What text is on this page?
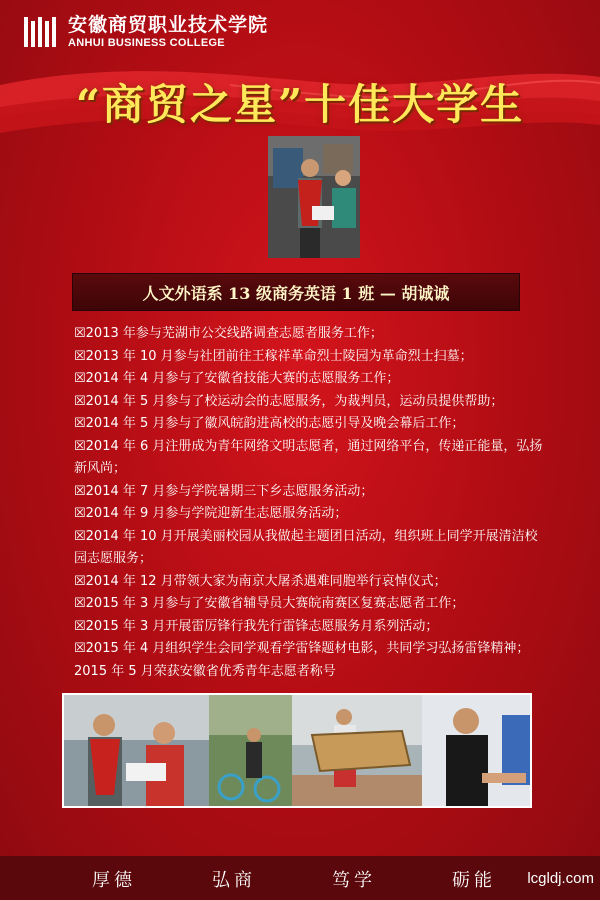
安徽商贸职业技术学院
ANHUI BUSINESS COLLEGE
“商贸之星”十佳大学生
人文外语系 13 级商务英语 1 班 — 胡诚诚
☒2013 年参与芜湖市公交线路调查志愿者服务工作；
☒2013 年 10 月参与社团前往王稼祥革命烈士陵园为革命烈士扫墓；
☒2014 年 4 月参与了安徽省技能大赛的志愿服务工作；
☒2014 年 5 月参与了校运动会的志愿服务，为裁判员，运动员提供帮助；
☒2014 年 5 月参与了徽风皖韵进高校的志愿引导及晚会幕后工作；
☒2014 年 6 月注册成为青年网络文明志愿者，通过网络平台，传递正能量，弘扬新风尚；
☒2014 年 7 月参与学院暑期三下乡志愿服务活动；
☒2014 年 9 月参与学院迎新生志愿服务活动；
☒2014 年 10 月开展美丽校园从我做起主题团日活动，组织班上同学开展清洁校园志愿服务；
☒2014 年 12 月带领大家为南京大屠杀遇难同胞举行哀悼仪式；
☒2015 年 3 月参与了安徽省辅导员大赛皖南赛区复赛志愿者工作；
☒2015 年 3 月开展雷厉锋行我先行雷锋志愿服务月系列活动；
☒2015 年 4 月组织学生会同学观看学雷锋题材电影，共同学习弘扬雷锋精神；
2015 年 5 月荣获安徽省优秀青年志愿者称号
厚德	弘商	笃学	砺能 lcgldj.com
